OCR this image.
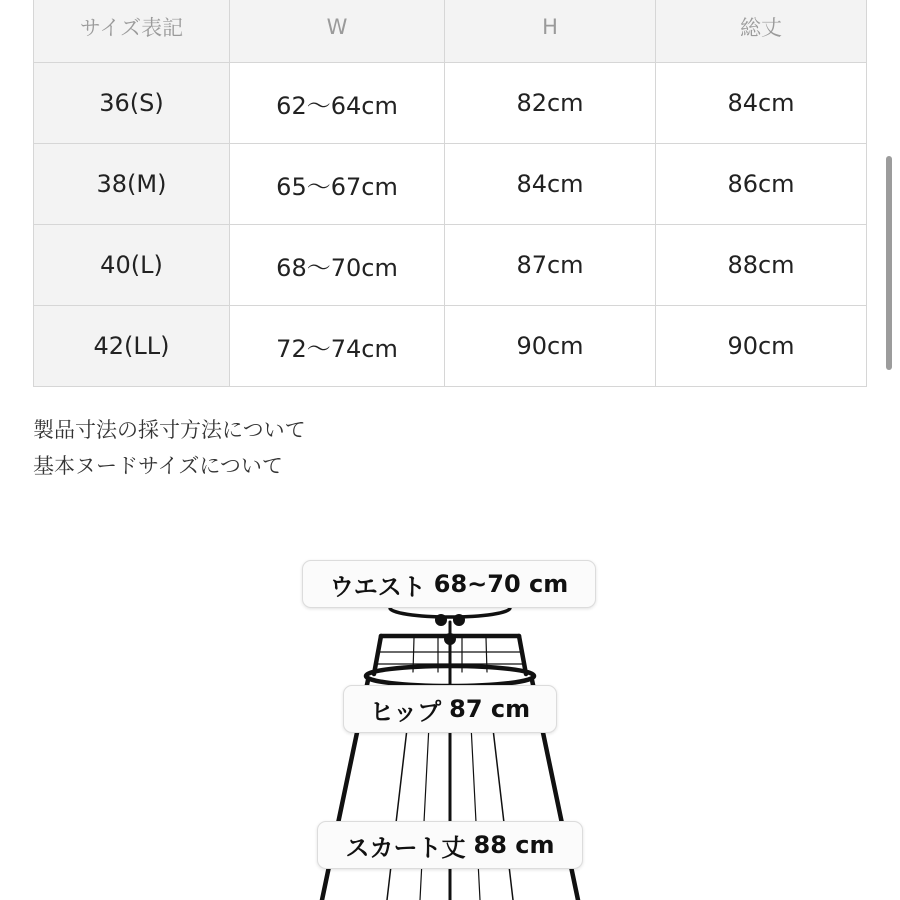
サイズ表記	W	H	総丈
36(S)	62〜64cm	82cm	84cm
38(M)	65〜67cm	84cm	86cm
40(L)	68〜70cm	87cm	88cm
42(LL)	72〜74cm	90cm	90cm
製品寸法の採寸方法について
基本ヌードサイズについて
ウエスト 68~70 cm
ヒップ 87 cm
スカート丈 88 cm
